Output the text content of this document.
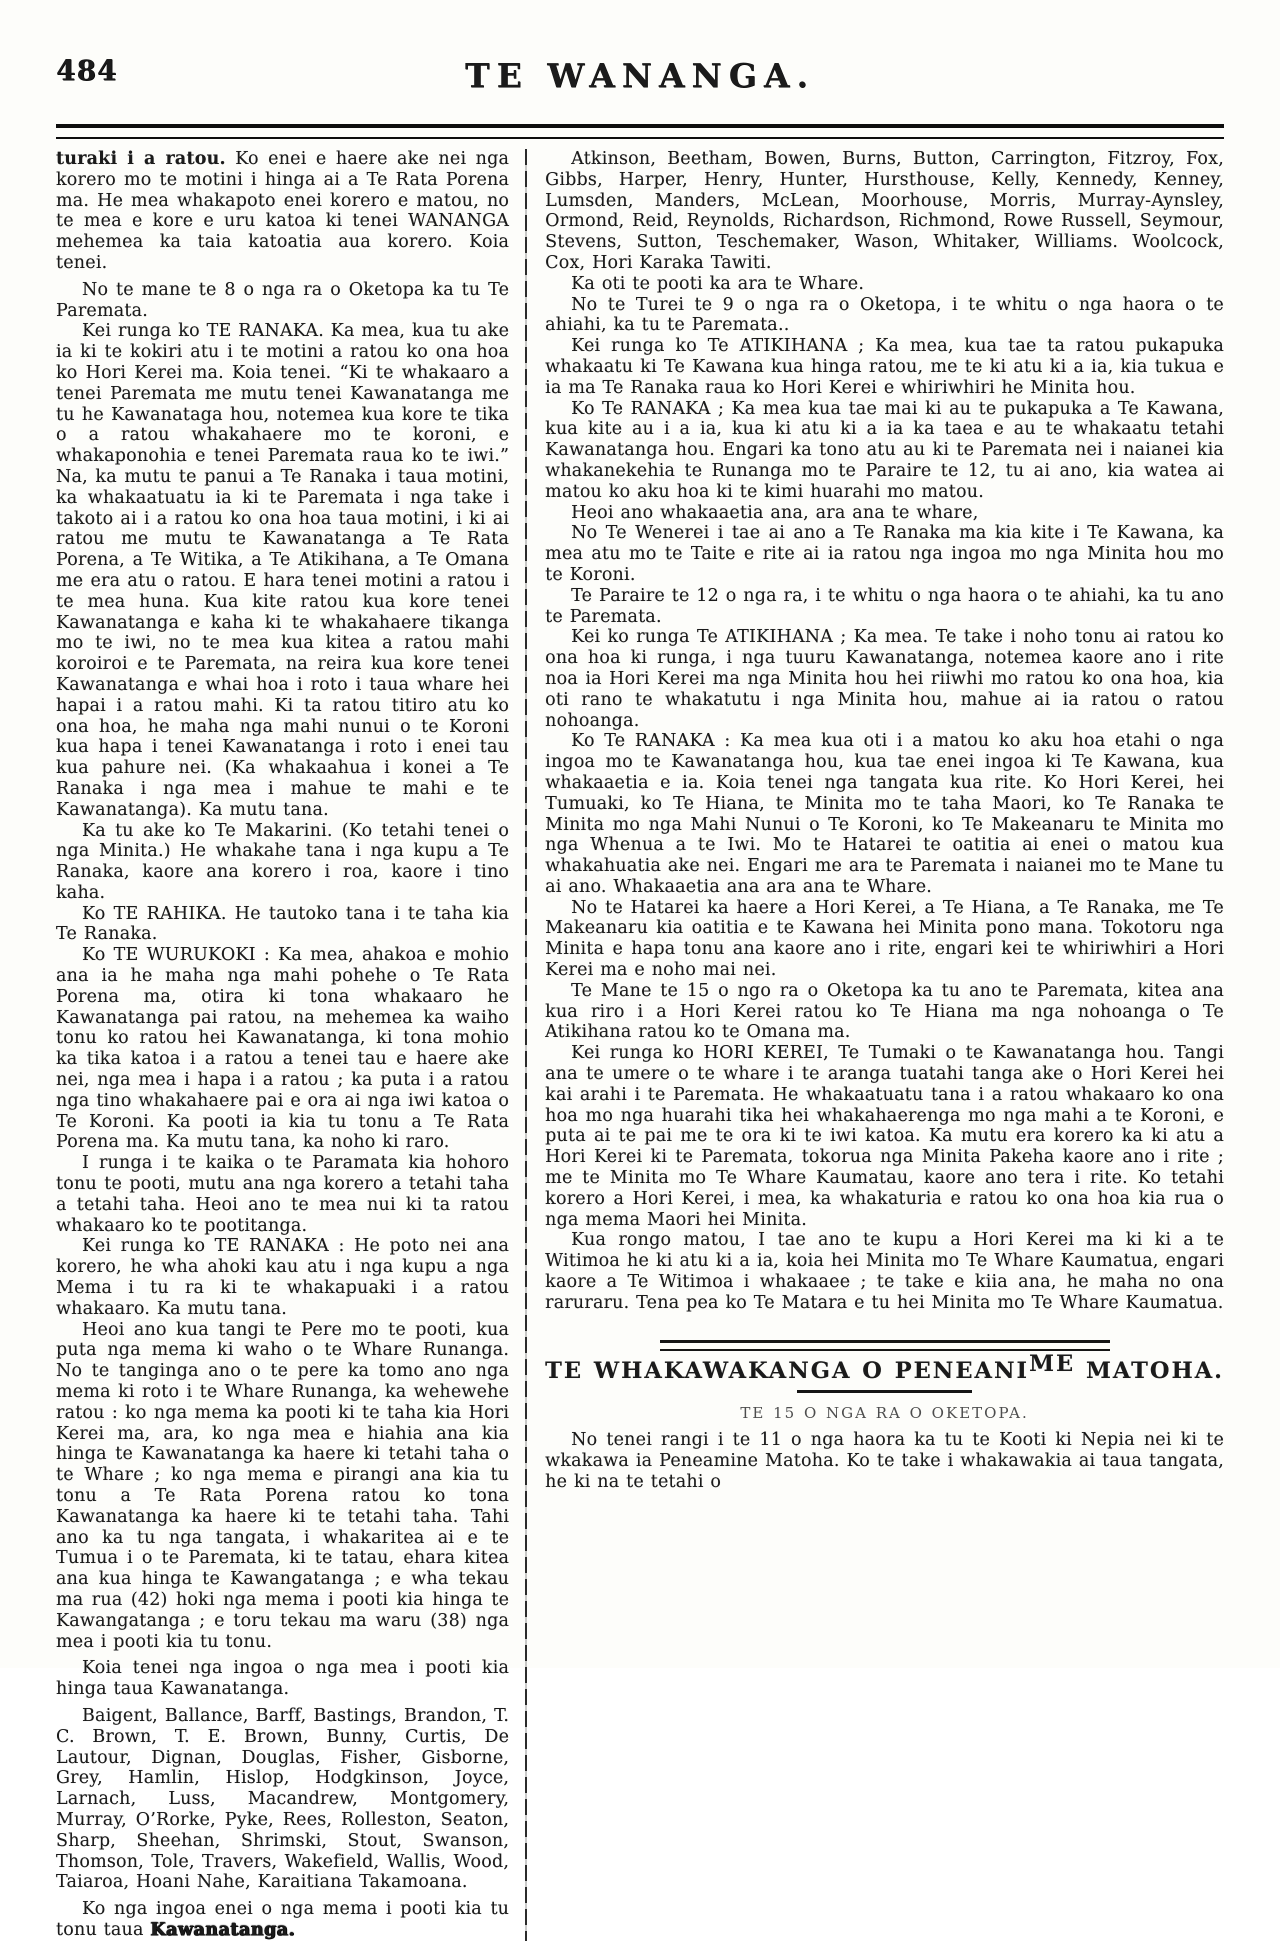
484	TE WANANGA.

turaki i a ratou. Ko enei e haere ake nei nga korero mo te motini i hinga ai a Te Rata Porena ma. He mea whakapoto enei korero e matou, no te mea e kore e uru katoa ki tenei WANANGA mehemea ka taia katoatia aua korero. Koia tenei.

No te mane te 8 o nga ra o Oketopa ka tu Te Paremata.

Kei runga ko TE RANAKA. Ka mea, kua tu ake ia ki te kokiri atu i te motini a ratou ko ona hoa ko Hori Kerei ma. Koia tenei. “Ki te whakaaro a tenei Paremata me mutu tenei Kawanatanga me tu he Kawanataga hou, notemea kua kore te tika o a ratou whakahaere mo te koroni, e whakaponohia e tenei Paremata raua ko te iwi.” Na, ka mutu te panui a Te Ranaka i taua motini, ka whakaatuatu ia ki te Paremata i nga take i takoto ai i a ratou ko ona hoa taua motini, i ki ai ratou me mutu te Kawanatanga a Te Rata Porena, a Te Witika, a Te Atikihana, a Te Omana me era atu o ratou. E hara tenei motini a ratou i te mea huna. Kua kite ratou kua kore tenei Kawanatanga e kaha ki te whakahaere tikanga mo te iwi, no te mea kua kitea a ratou mahi koroiroi e te Paremata, na reira kua kore tenei Kawanatanga e whai hoa i roto i taua whare hei hapai i a ratou mahi. Ki ta ratou titiro atu ko ona hoa, he maha nga mahi nunui o te Koroni kua hapa i tenei Kawanatanga i roto i enei tau kua pahure nei. (Ka whakaahua i konei a Te Ranaka i nga mea i mahue te mahi e te Kawanatanga). Ka mutu tana.

Ka tu ake ko Te Makarini. (Ko tetahi tenei o nga Minita.) He whakahe tana i nga kupu a Te Ranaka, kaore ana korero i roa, kaore i tino kaha.

Ko TE RAHIKA. He tautoko tana i te taha kia Te Ranaka.

Ko TE WURUKOKI : Ka mea, ahakoa e mohio ana ia he maha nga mahi pohehe o Te Rata Porena ma, otira ki tona whakaaro he Kawanatanga pai ratou, na mehemea ka waiho tonu ko ratou hei Kawanatanga, ki tona mohio ka tika katoa i a ratou a tenei tau e haere ake nei, nga mea i hapa i a ratou ; ka puta i a ratou nga tino whakahaere pai e ora ai nga iwi katoa o Te Koroni. Ka pooti ia kia tu tonu a Te Rata Porena ma. Ka mutu tana, ka noho ki raro.

I runga i te kaika o te Paramata kia hohoro tonu te pooti, mutu ana nga korero a tetahi taha a tetahi taha. Heoi ano te mea nui ki ta ratou whakaaro ko te pootitanga.

Kei runga ko TE RANAKA : He poto nei ana korero, he wha ahoki kau atu i nga kupu a nga Mema i tu ra ki te whakapuaki i a ratou whakaaro. Ka mutu tana.

Heoi ano kua tangi te Pere mo te pooti, kua puta nga mema ki waho o te Whare Runanga. No te tanginga ano o te pere ka tomo ano nga mema ki roto i te Whare Runanga, ka wehewehe ratou : ko nga mema ka pooti ki te taha kia Hori Kerei ma, ara, ko nga mea e hiahia ana kia hinga te Kawanatanga ka haere ki tetahi taha o te Whare ; ko nga mema e pirangi ana kia tu tonu a Te Rata Porena ratou ko tona Kawanatanga ka haere ki te tetahi taha. Tahi ano ka tu nga tangata, i whakaritea ai e te Tumua i o te Paremata, ki te tatau, ehara kitea ana kua hinga te Kawangatanga ; e wha tekau ma rua (42) hoki nga mema i pooti kia hinga te Kawangatanga ; e toru tekau ma waru (38) nga mea i pooti kia tu tonu.

Koia tenei nga ingoa o nga mea i pooti kia hinga taua Kawanatanga.

Baigent, Ballance, Barff, Bastings, Brandon, T. C. Brown, T. E. Brown, Bunny, Curtis, De Lautour, Dignan, Douglas, Fisher, Gisborne, Grey, Hamlin, Hislop, Hodgkinson, Joyce, Larnach, Luss, Macandrew, Montgomery, Murray, O’Rorke, Pyke, Rees, Rolleston, Seaton, Sharp, Sheehan, Shrimski, Stout, Swanson, Thomson, Tole, Travers, Wakefield, Wallis, Wood, Taiaroa, Hoani Nahe, Karaitiana Takamoana.

Ko nga ingoa enei o nga mema i pooti kia tu tonu taua Kawanatanga.

Atkinson, Beetham, Bowen, Burns, Button, Carrington, Fitzroy, Fox, Gibbs, Harper, Henry, Hunter, Hursthouse, Kelly, Kennedy, Kenney, Lumsden, Manders, McLean, Moorhouse, Morris, Murray-Aynsley, Ormond, Reid, Reynolds, Richardson, Richmond, Rowe Russell, Seymour, Stevens, Sutton, Teschemaker, Wason, Whitaker, Williams. Woolcock, Cox, Hori Karaka Tawiti.

Ka oti te pooti ka ara te Whare.

No te Turei te 9 o nga ra o Oketopa, i te whitu o nga haora o te ahiahi, ka tu te Paremata..

Kei runga ko Te ATIKIHANA ; Ka mea, kua tae ta ratou pukapuka whakaatu ki Te Kawana kua hinga ratou, me te ki atu ki a ia, kia tukua e ia ma Te Ranaka raua ko Hori Kerei e whiriwhiri he Minita hou.

Ko Te RANAKA ; Ka mea kua tae mai ki au te pukapuka a Te Kawana, kua kite au i a ia, kua ki atu ki a ia ka taea e au te whakaatu tetahi Kawanatanga hou. Engari ka tono atu au ki te Paremata nei i naianei kia whakanekehia te Runanga mo te Paraire te 12, tu ai ano, kia watea ai matou ko aku hoa ki te kimi huarahi mo matou.

Heoi ano whakaaetia ana, ara ana te whare,

No Te Wenerei i tae ai ano a Te Ranaka ma kia kite i Te Kawana, ka mea atu mo te Taite e rite ai ia ratou nga ingoa mo nga Minita hou mo te Koroni.

Te Paraire te 12 o nga ra, i te whitu o nga haora o te ahiahi, ka tu ano te Paremata.

Kei ko runga Te ATIKIHANA ; Ka mea. Te take i noho tonu ai ratou ko ona hoa ki runga, i nga tuuru Kawanatanga, notemea kaore ano i rite noa ia Hori Kerei ma nga Minita hou hei riiwhi mo ratou ko ona hoa, kia oti rano te whakatutu i nga Minita hou, mahue ai ia ratou o ratou nohoanga.

Ko Te RANAKA : Ka mea kua oti i a matou ko aku hoa etahi o nga ingoa mo te Kawanatanga hou, kua tae enei ingoa ki Te Kawana, kua whakaaetia e ia. Koia tenei nga tangata kua rite. Ko Hori Kerei, hei Tumuaki, ko Te Hiana, te Minita mo te taha Maori, ko Te Ranaka te Minita mo nga Mahi Nunui o Te Koroni, ko Te Makeanaru te Minita mo nga Whenua a te Iwi. Mo te Hatarei te oatitia ai enei o matou kua whakahuatia ake nei. Engari me ara te Paremata i naianei mo te Mane tu ai ano. Whakaaetia ana ara ana te Whare.

No te Hatarei ka haere a Hori Kerei, a Te Hiana, a Te Ranaka, me Te Makeanaru kia oatitia e te Kawana hei Minita pono mana. Tokotoru nga Minita e hapa tonu ana kaore ano i rite, engari kei te whiriwhiri a Hori Kerei ma e noho mai nei.

Te Mane te 15 o ngo ra o Oketopa ka tu ano te Paremata, kitea ana kua riro i a Hori Kerei ratou ko Te Hiana ma nga nohoanga o Te Atikihana ratou ko te Omana ma.

Kei runga ko HORI KEREI, Te Tumaki o te Kawanatanga hou. Tangi ana te umere o te whare i te aranga tuatahi tanga ake o Hori Kerei hei kai arahi i te Paremata. He whakaatuatu tana i a ratou whakaaro ko ona hoa mo nga huarahi tika hei whakahaerenga mo nga mahi a te Koroni, e puta ai te pai me te ora ki te iwi katoa. Ka mutu era korero ka ki atu a Hori Kerei ki te Paremata, tokorua nga Minita Pakeha kaore ano i rite ; me te Minita mo Te Whare Kaumatau, kaore ano tera i rite. Ko tetahi korero a Hori Kerei, i mea, ka whakaturia e ratou ko ona hoa kia rua o nga mema Maori hei Minita.

Kua rongo matou, I tae ano te kupu a Hori Kerei ma ki ki a te Witimoa he ki atu ki a ia, koia hei Minita mo Te Whare Kaumatua, engari kaore a Te Witimoa i whakaaee ; te take e kiia ana, he maha no ona raruraru. Tena pea ko Te Matara e tu hei Minita mo Te Whare Kaumatua.

TE WHAKAWAKANGA O PENEANIME MATOHA.
TE 15 O NGA RA O OKETOPA.

No tenei rangi i te 11 o nga haora ka tu te Kooti ki Nepia nei ki te wkakawa ia Peneamine Matoha. Ko te take i whakawakia ai taua tangata, he ki na te tetahi o
